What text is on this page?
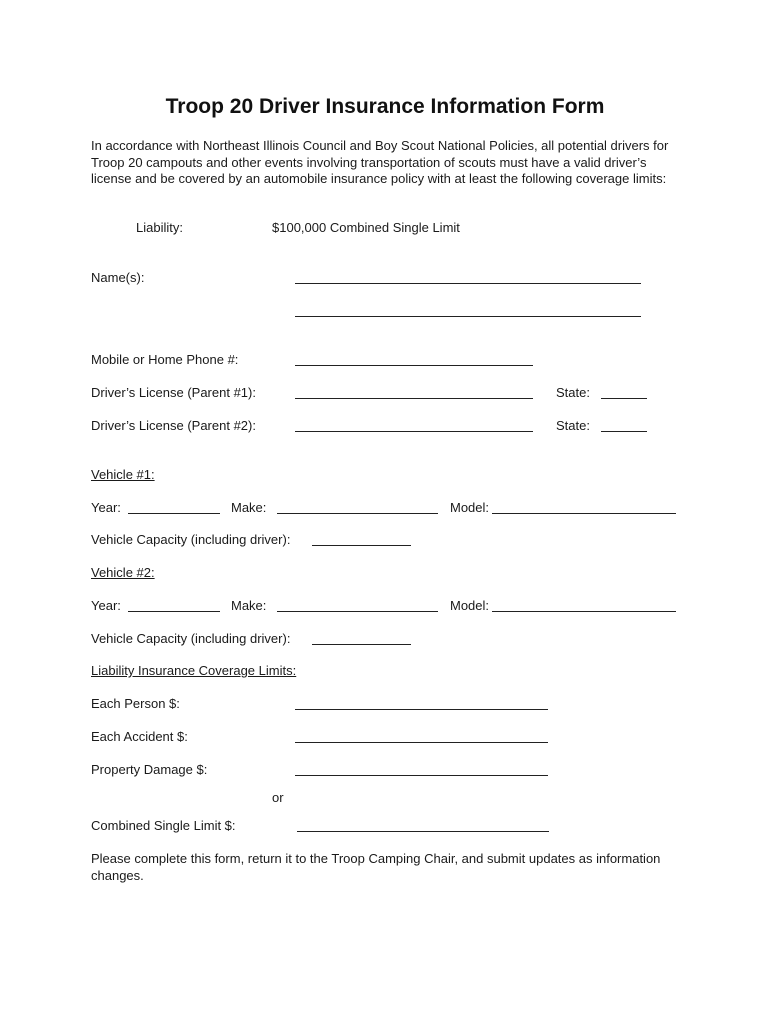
Troop 20 Driver Insurance Information Form
In accordance with Northeast Illinois Council and Boy Scout National Policies, all potential drivers for Troop 20 campouts and other events involving transportation of scouts must have a valid driver’s license and be covered by an automobile insurance policy with at least the following coverage limits:
Liability:	$100,000 Combined Single Limit
Name(s):
Mobile or Home Phone #:
Driver’s License (Parent #1):	State:
Driver’s License (Parent #2):	State:
Vehicle #1:
Year:	Make:	Model:
Vehicle Capacity (including driver):
Vehicle #2:
Year:	Make:	Model:
Vehicle Capacity (including driver):
Liability Insurance Coverage Limits:
Each Person $:
Each Accident $:
Property Damage $:
or
Combined Single Limit $:
Please complete this form, return it to the Troop Camping Chair, and submit updates as information changes.
